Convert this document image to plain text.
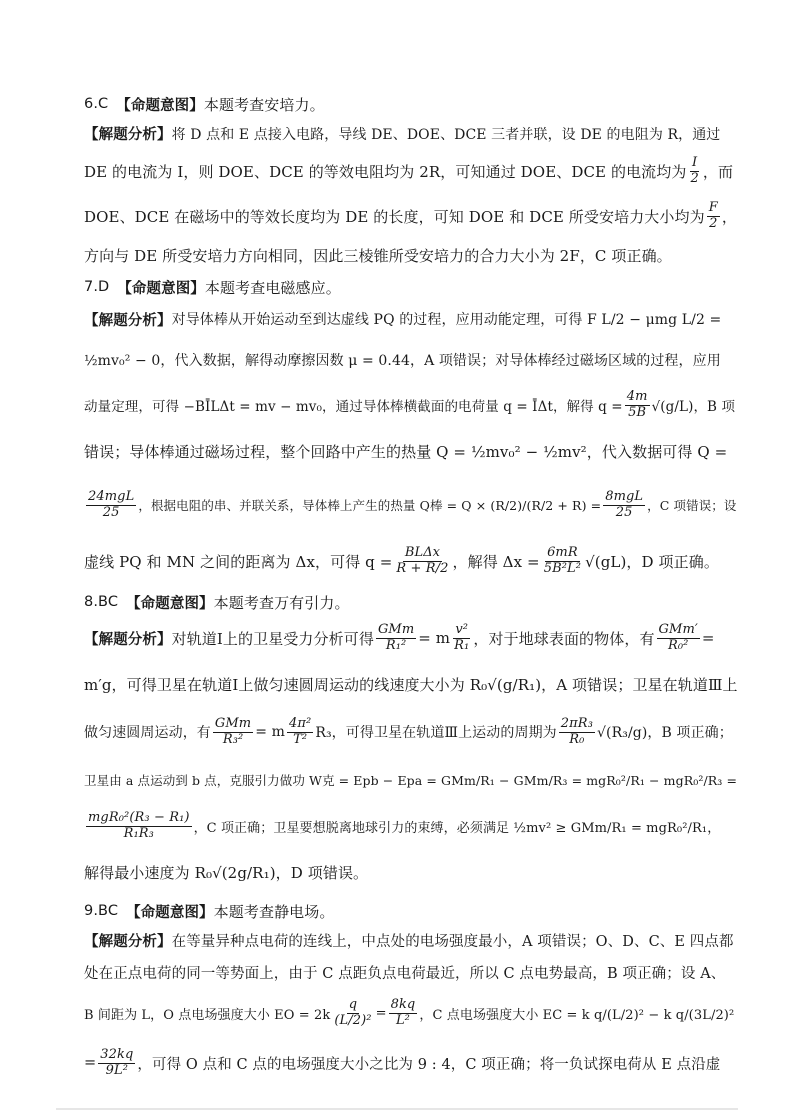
6.C 【命题意图】 本题考查安培力。
【解题分析】将 D 点和 E 点接入电路，导线 DE、DOE、DCE 三者并联，设 DE 的电阻为 R，通过
DE 的电流为 I，则 DOE、DCE 的等效电阻均为 2R，可知通过 DOE、DCE 的电流均为 $\frac{I}{2}$ ，而
DOE、DCE 在磁场中的等效长度均为 DE 的长度，可知 DOE 和 DCE 所受安培力大小均为 $\frac{F}{2}$ ，
方向与 DE 所受安培力方向相同，因此三棱锥所受安培力的合力大小为 2F，C 项正确。
7.D 【命题意图】 本题考查电磁感应。
【解题分析】 对导体棒从开始运动至到达虚线 PQ 的过程，应用动能定理，可得 F L/2 − μmg L/2 =
½mv₀² − 0，代入数据，解得动摩擦因数 μ = 0.44，A 项错误；对导体棒经过磁场区域的过程，应用
动量定理，可得 −BĪLΔt = mv − mv₀，通过导体棒横截面的电荷量 q = ĪΔt，解得 $q = \frac{4m}{5B} √(g/L)$，B 项
错误；导体棒通过磁场过程，整个回路中产生的热量 Q = ½mv₀² − ½mv²，代入数据可得 Q =
$\frac{\text{24mgL}}{25}$ ，根据电阻的串、并联关系，导体棒上产生的热量 Q棒 = $Q \times (R/2)/(R/2 + R) = \frac{\text{8mgL}}{25}$ ，C 项错误；设
虚线 PQ 和 MN 之间的距离为 Δx，可得 $q = \frac{\text{BLΔx}}{R + R/2}$ ，解得 $\Delta x = \frac{6mR}{\text{5B²L²}} √(gL)$，D 项正确。
8.BC 【命题意图】 本题考查万有引力。
【解题分析】 对轨道Ⅰ上的卫星受力分析可得 $\frac{\text{GMm}}{\text{R₁²}} = m \frac{\text{v²}}{\text{R₁}}$ ，对于地球表面的物体，有 $\frac{\text{GMm′}}{\text{R₀²}}$ =
m′g，可得卫星在轨道Ⅰ上做匀速圆周运动的线速度大小为 R₀√(g/R₁)，A 项错误；卫星在轨道Ⅲ上
做匀速圆周运动，有 $\frac{\text{GMm}}{\text{R₃²}} = m \frac{\text{4π²}}{\text{T²}} R_3$，可得卫星在轨道Ⅲ上运动的周期为 $\frac{\text{2πR₃}}{\text{R₀}} √(R_3/g)$，B 项正确；
卫星由 a 点运动到 b 点，克服引力做功 W克 = Epb − Epa = GMm/R₁ − GMm/R₃ = mgR₀²/R₁ − mgR₀²/R₃ =
$\frac{\text{mgR₀²(R₃ − R₁)}}{\text{R₁R₃}}$ ，C 项正确；卫星要想脱离地球引力的束缚，必须满足 ½mv² ≥ GMm/R₁ = mgR₀²/R₁，
解得最小速度为 R₀√(2g/R₁)，D 项错误。
9.BC 【命题意图】 本题考查静电场。
【解题分析】 在等量异种点电荷的连线上，中点处的电场强度最小，A 项错误；O、D、C、E 四点都
处在正点电荷的同一等势面上，由于 C 点距负点电荷最近，所以 C 点电势最高，B 项正确；设 A、
B 间距为 L，O 点电场强度大小 EO = $2k \frac{q}{\text{(L/2)²}} = \frac{8kq}{\text{L²}}$ ，C 点电场强度大小 EC = k q/(L/2)² − k q/(3L/2)²
= $\frac{32kq}{\text{9L²}}$ ，可得 O 点和 C 点的电场强度大小之比为 9 : 4，C 项正确；将一负试探电荷从 E 点沿虚
